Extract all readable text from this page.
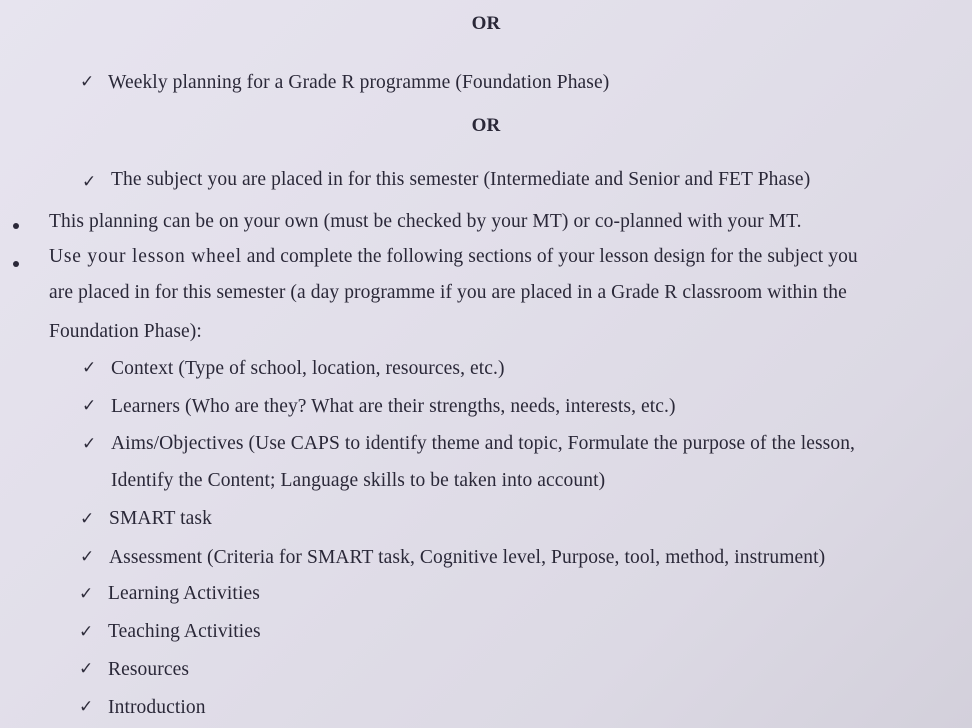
OR
✓ Weekly planning for a Grade R programme (Foundation Phase)
OR
✓ The subject you are placed in for this semester (Intermediate and Senior and FET Phase)
This planning can be on your own (must be checked by your MT) or co-planned with your MT.
Use your lesson wheel and complete the following sections of your lesson design for the subject you
are placed in for this semester (a day programme if you are placed in a Grade R classroom within the
Foundation Phase):
✓ Context (Type of school, location, resources, etc.)
✓ Learners (Who are they? What are their strengths, needs, interests, etc.)
✓ Aims/Objectives (Use CAPS to identify theme and topic, Formulate the purpose of the lesson,
Identify the Content; Language skills to be taken into account)
✓ SMART task
✓ Assessment (Criteria for SMART task, Cognitive level, Purpose, tool, method, instrument)
✓ Learning Activities
✓ Teaching Activities
✓ Resources
✓ Introduction
